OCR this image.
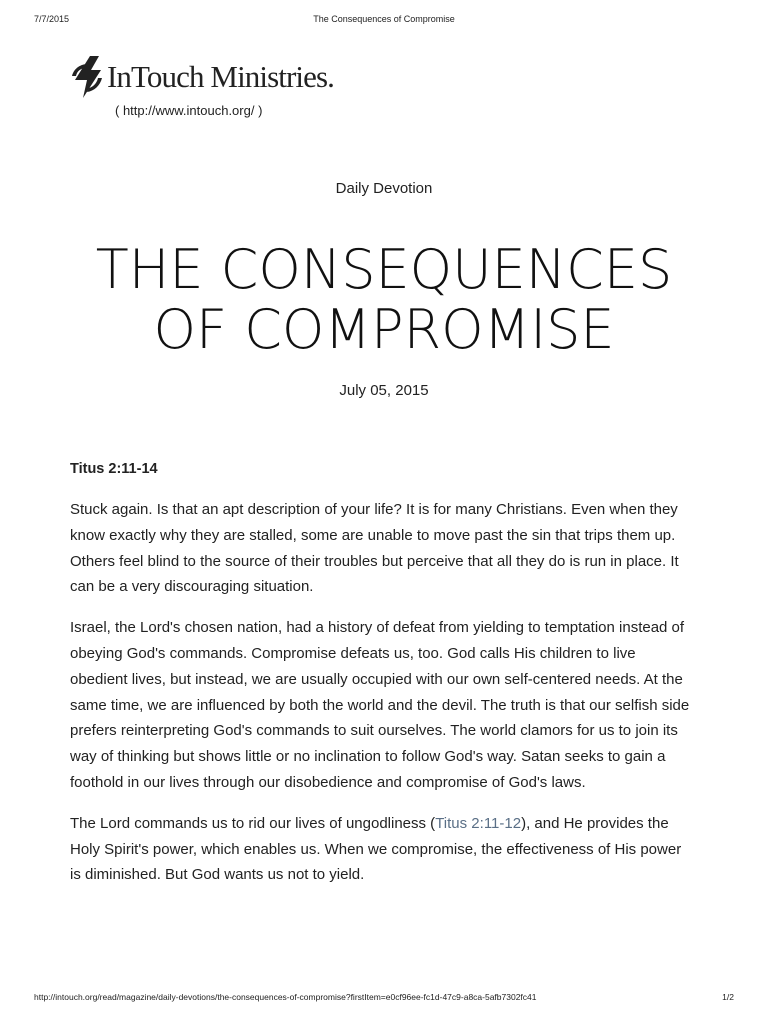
7/7/2015	The Consequences of Compromise
InTouch Ministries.
( http://www.intouch.org/ )
Daily Devotion
THE CONSEQUENCES
OF COMPROMISE
July 05, 2015
Titus 2:11-14

Stuck again. Is that an apt description of your life? It is for many Christians. Even when they know exactly why they are stalled, some are unable to move past the sin that trips them up. Others feel blind to the source of their troubles but perceive that all they do is run in place. It can be a very discouraging situation.

Israel, the Lord's chosen nation, had a history of defeat from yielding to temptation instead of obeying God's commands. Compromise defeats us, too. God calls His children to live obedient lives, but instead, we are usually occupied with our own self-centered needs. At the same time, we are influenced by both the world and the devil. The truth is that our selfish side prefers reinterpreting God's commands to suit ourselves. The world clamors for us to join its way of thinking but shows little or no inclination to follow God's way. Satan seeks to gain a foothold in our lives through our disobedience and compromise of God's laws.

The Lord commands us to rid our lives of ungodliness (Titus 2:11-12), and He provides the Holy Spirit's power, which enables us. When we compromise, the effectiveness of His power is diminished. But God wants us not to yield.

http://intouch.org/read/magazine/daily-devotions/the-consequences-of-compromise?firstItem=e0cf96ee-fc1d-47c9-a8ca-5afb7302fc41	1/2
